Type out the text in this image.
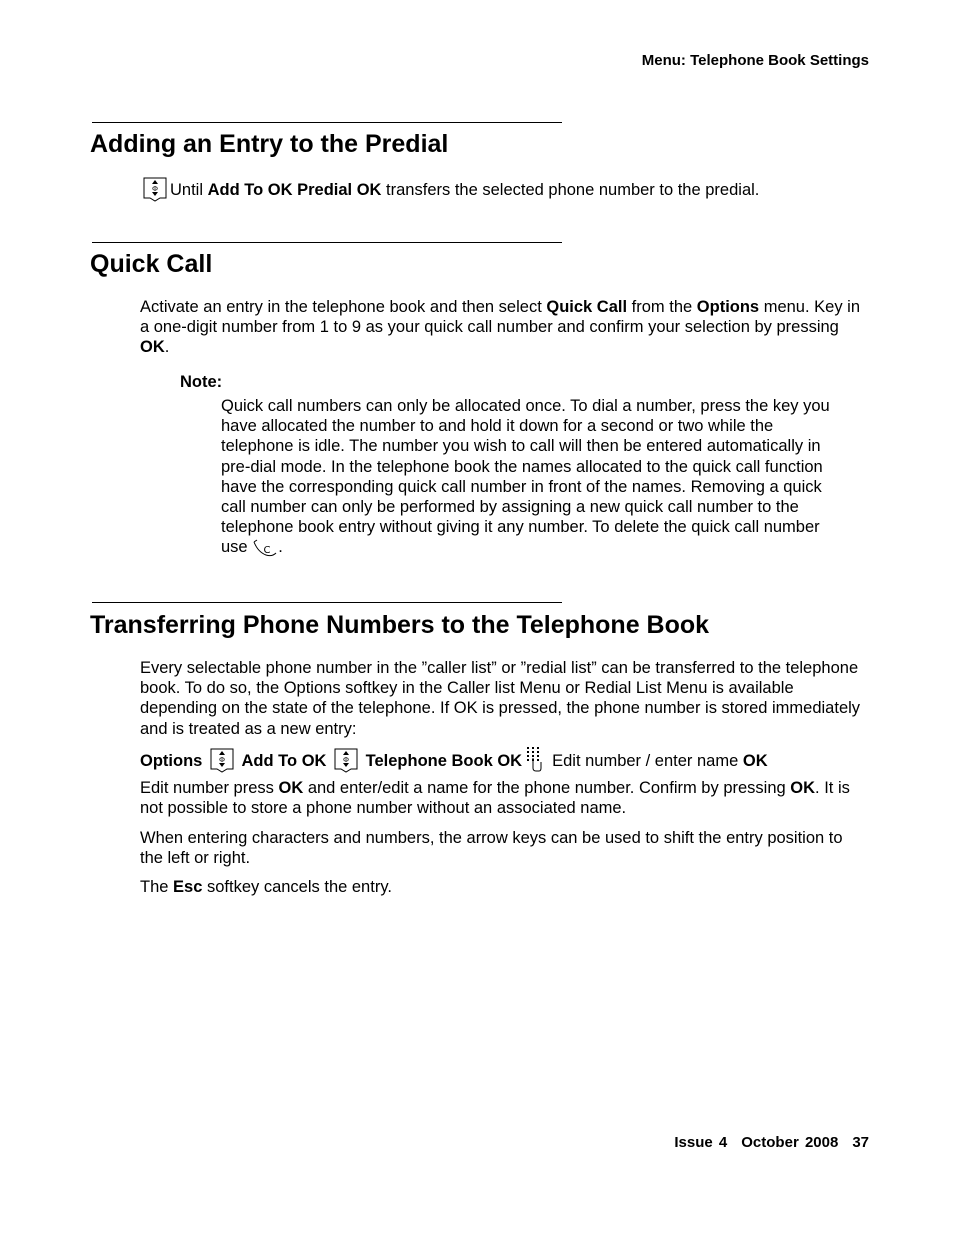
Menu: Telephone Book Settings
Adding an Entry to the Predial
Ф Until Add To OK Predial OK transfers the selected phone number to the predial.
Quick Call
Activate an entry in the telephone book and then select Quick Call from the Options menu. Key in a one-digit number from 1 to 9 as your quick call number and confirm your selection by pressing OK.
Note:
Quick call numbers can only be allocated once. To dial a number, press the key you have allocated the number to and hold it down for a second or two while the telephone is idle. The number you wish to call will then be entered automatically in pre-dial mode. In the telephone book the names allocated to the quick call function have the corresponding quick call number in front of the names. Removing a quick call number can only be performed by assigning a new quick call number to the telephone book entry without giving it any number. To delete the quick call number use C .
Transferring Phone Numbers to the Telephone Book
Every selectable phone number in the ”caller list” or ”redial list” can be transferred to the telephone book. To do so, the Options softkey in the Caller list Menu or Redial List Menu is available depending on the state of the telephone. If OK is pressed, the phone number is stored immediately and is treated as a new entry:
Options Ф Add To OK Ф Telephone Book OK Edit number / enter name OK
Edit number press OK and enter/edit a name for the phone number. Confirm by pressing OK. It is not possible to store a phone number without an associated name.
When entering characters and numbers, the arrow keys can be used to shift the entry position to the left or right.
The Esc softkey cancels the entry.
Issue 4 October 2008 37
